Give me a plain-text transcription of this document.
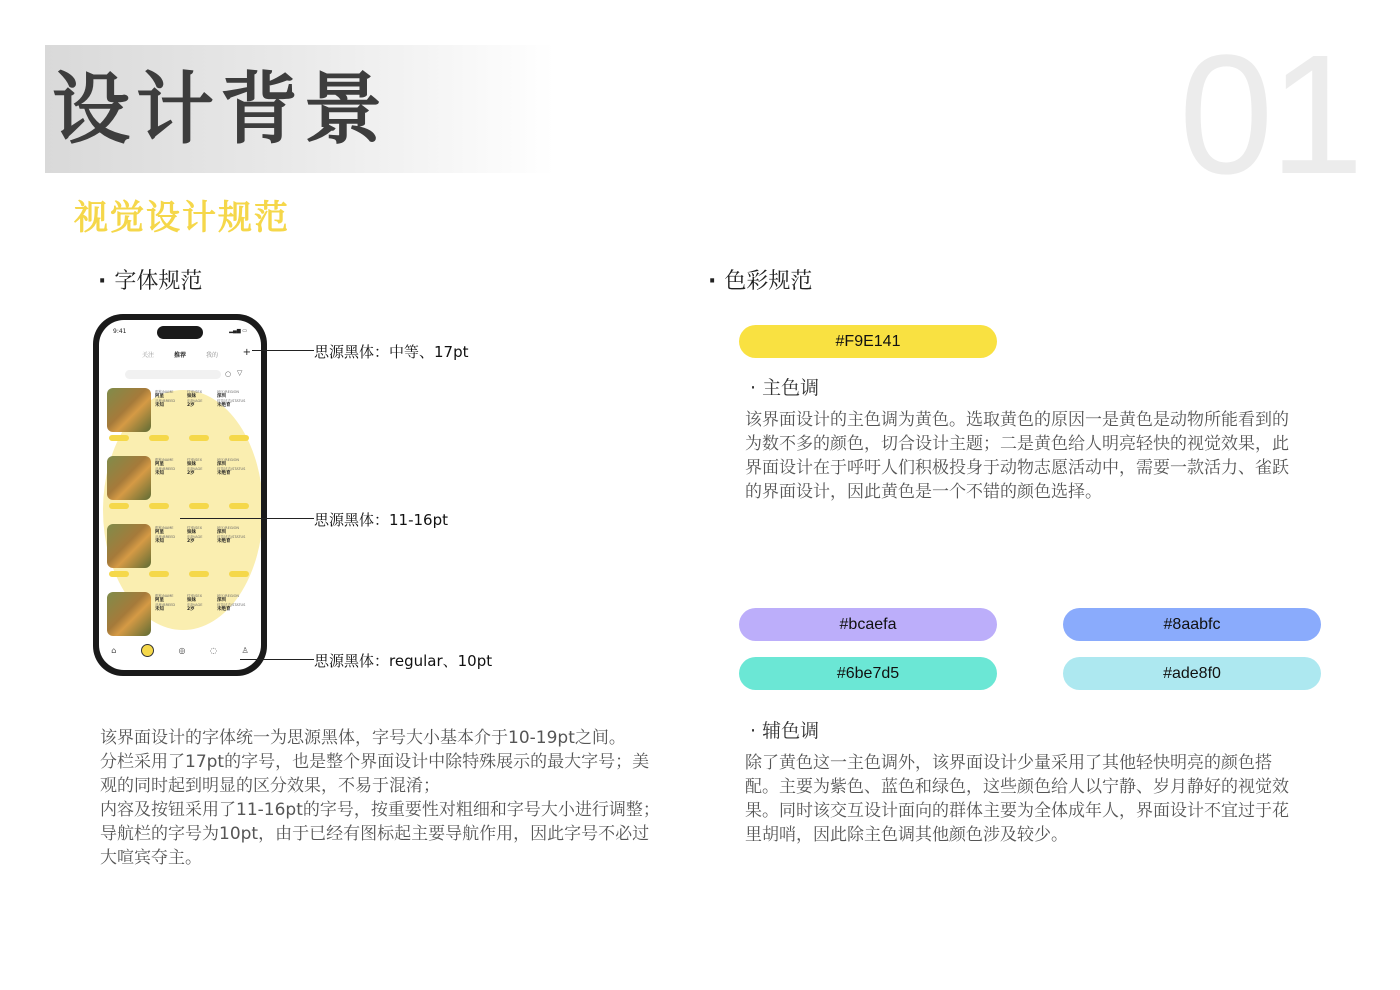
设计背景	01
视觉设计规范
· 字体规范
9:41	▂▄▆ ▭
关注	推荐	我的 +
○ ▽
昵称/NAME
阿星
品种/BREED
未知
性别/SEX
妹妹
年龄/AGE
2岁
地区/REGION
深圳
疫苗状态/STATUS
未绝育
昵称/NAME
阿星
品种/BREED
未知
性别/SEX
妹妹
年龄/AGE
2岁
地区/REGION
深圳
疫苗状态/STATUS
未绝育
昵称/NAME
阿星
品种/BREED
未知
性别/SEX
妹妹
年龄/AGE
2岁
地区/REGION
深圳
疫苗状态/STATUS
未绝育
昵称/NAME
阿星
品种/BREED
未知
性别/SEX
妹妹
年龄/AGE
2岁
地区/REGION
深圳
疫苗状态/STATUS
未绝育
⌂	◎	◌	♙
思源黑体：中等、17pt
思源黑体：11-16pt
思源黑体：regular、10pt
该界面设计的字体统一为思源黑体，字号大小基本介于10-19pt之间。
分栏采用了17pt的字号，也是整个界面设计中除特殊展示的最大字号；美
观的同时起到明显的区分效果，不易于混淆；
内容及按钮采用了11-16pt的字号，按重要性对粗细和字号大小进行调整；
导航栏的字号为10pt，由于已经有图标起主要导航作用，因此字号不必过
大喧宾夺主。
· 色彩规范
#F9E141
· 主色调
该界面设计的主色调为黄色。选取黄色的原因一是黄色是动物所能看到的
为数不多的颜色，切合设计主题；二是黄色给人明亮轻快的视觉效果，此
界面设计在于呼吁人们积极投身于动物志愿活动中，需要一款活力、雀跃
的界面设计，因此黄色是一个不错的颜色选择。
#bcaefa	#8aabfc
#6be7d5	#ade8f0
· 辅色调
除了黄色这一主色调外，该界面设计少量采用了其他轻快明亮的颜色搭
配。主要为紫色、蓝色和绿色，这些颜色给人以宁静、岁月静好的视觉效
果。同时该交互设计面向的群体主要为全体成年人，界面设计不宜过于花
里胡哨，因此除主色调其他颜色涉及较少。
